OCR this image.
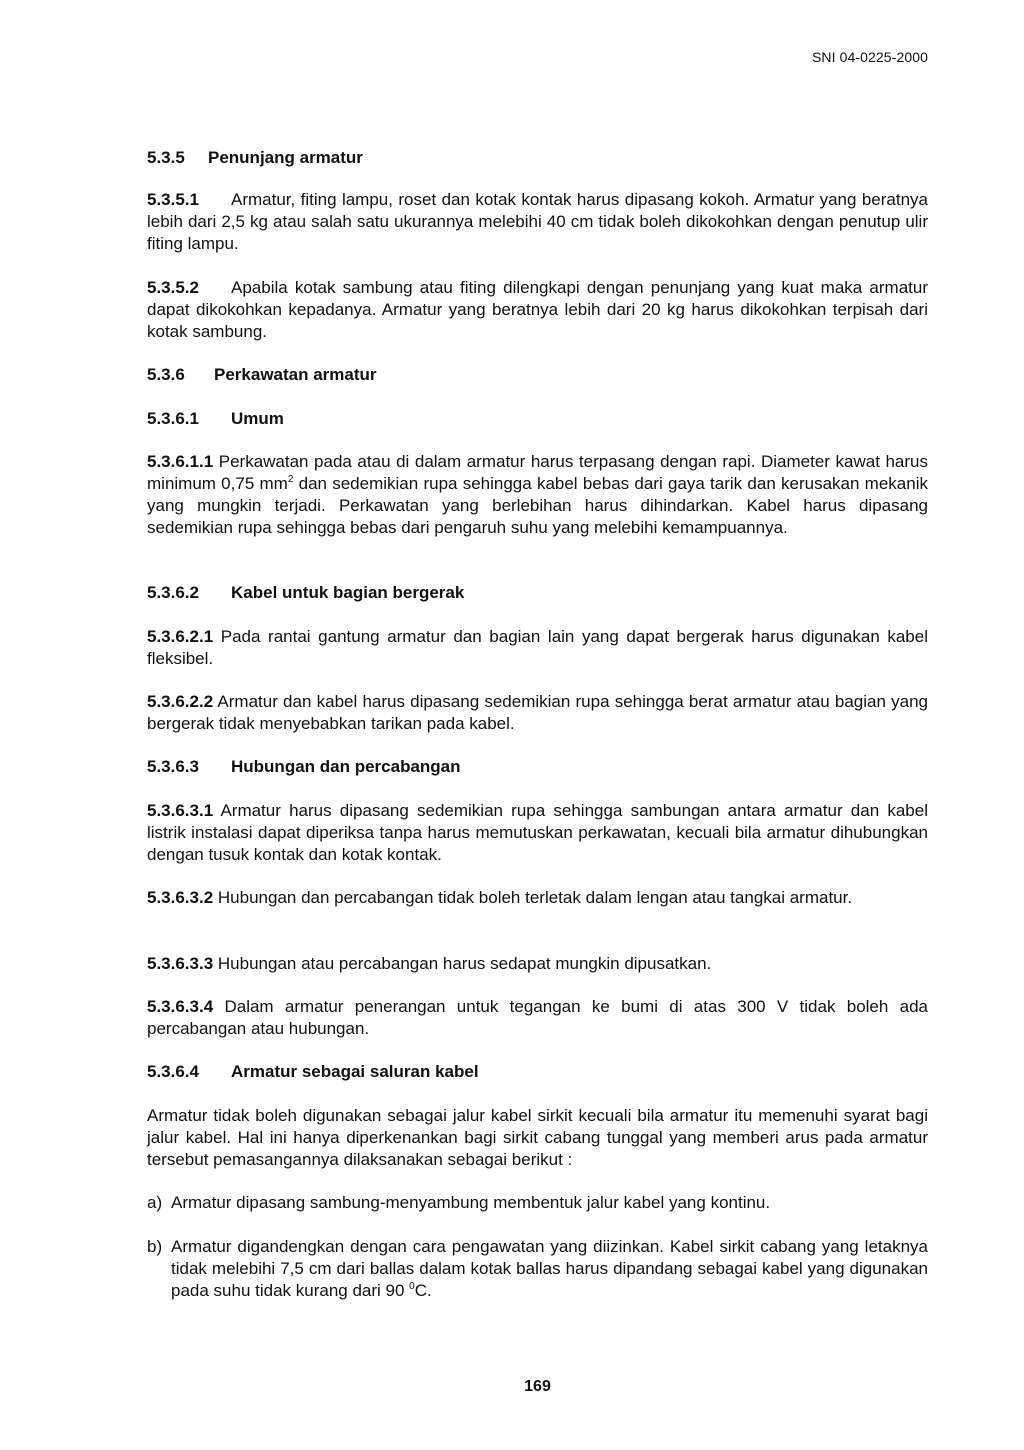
SNI 04-0225-2000
5.3.5 Penunjang armatur
5.3.5.1 Armatur, fiting lampu, roset dan kotak kontak harus dipasang kokoh. Armatur yang beratnya lebih dari 2,5 kg atau salah satu ukurannya melebihi 40 cm tidak boleh dikokohkan dengan penutup ulir fiting lampu.
5.3.5.2 Apabila kotak sambung atau fiting dilengkapi dengan penunjang yang kuat maka armatur dapat dikokohkan kepadanya. Armatur yang beratnya lebih dari 20 kg harus dikokohkan terpisah dari kotak sambung.
5.3.6 Perkawatan armatur
5.3.6.1 Umum
5.3.6.1.1 Perkawatan pada atau di dalam armatur harus terpasang dengan rapi. Diameter kawat harus minimum 0,75 $mm^2$ dan sedemikian rupa sehingga kabel bebas dari gaya tarik dan kerusakan mekanik yang mungkin terjadi. Perkawatan yang berlebihan harus dihindarkan. Kabel harus dipasang sedemikian rupa sehingga bebas dari pengaruh suhu yang melebihi kemampuannya.
5.3.6.2 Kabel untuk bagian bergerak
5.3.6.2.1 Pada rantai gantung armatur dan bagian lain yang dapat bergerak harus digunakan kabel fleksibel.
5.3.6.2.2 Armatur dan kabel harus dipasang sedemikian rupa sehingga berat armatur atau bagian yang bergerak tidak menyebabkan tarikan pada kabel.
5.3.6.3 Hubungan dan percabangan
5.3.6.3.1 Armatur harus dipasang sedemikian rupa sehingga sambungan antara armatur dan kabel listrik instalasi dapat diperiksa tanpa harus memutuskan perkawatan, kecuali bila armatur dihubungkan dengan tusuk kontak dan kotak kontak.
5.3.6.3.2 Hubungan dan percabangan tidak boleh terletak dalam lengan atau tangkai armatur.
5.3.6.3.3 Hubungan atau percabangan harus sedapat mungkin dipusatkan.
5.3.6.3.4 Dalam armatur penerangan untuk tegangan ke bumi di atas 300 V tidak boleh ada percabangan atau hubungan.
5.3.6.4 Armatur sebagai saluran kabel
Armatur tidak boleh digunakan sebagai jalur kabel sirkit kecuali bila armatur itu memenuhi syarat bagi jalur kabel. Hal ini hanya diperkenankan bagi sirkit cabang tunggal yang memberi arus pada armatur tersebut pemasangannya dilaksanakan sebagai berikut :
a) Armatur dipasang sambung-menyambung membentuk jalur kabel yang kontinu.
b) Armatur digandengkan dengan cara pengawatan yang diizinkan. Kabel sirkit cabang yang letaknya tidak melebihi 7,5 cm dari ballas dalam kotak ballas harus dipandang sebagai kabel yang digunakan pada suhu tidak kurang dari 90 $^0$C.
169
